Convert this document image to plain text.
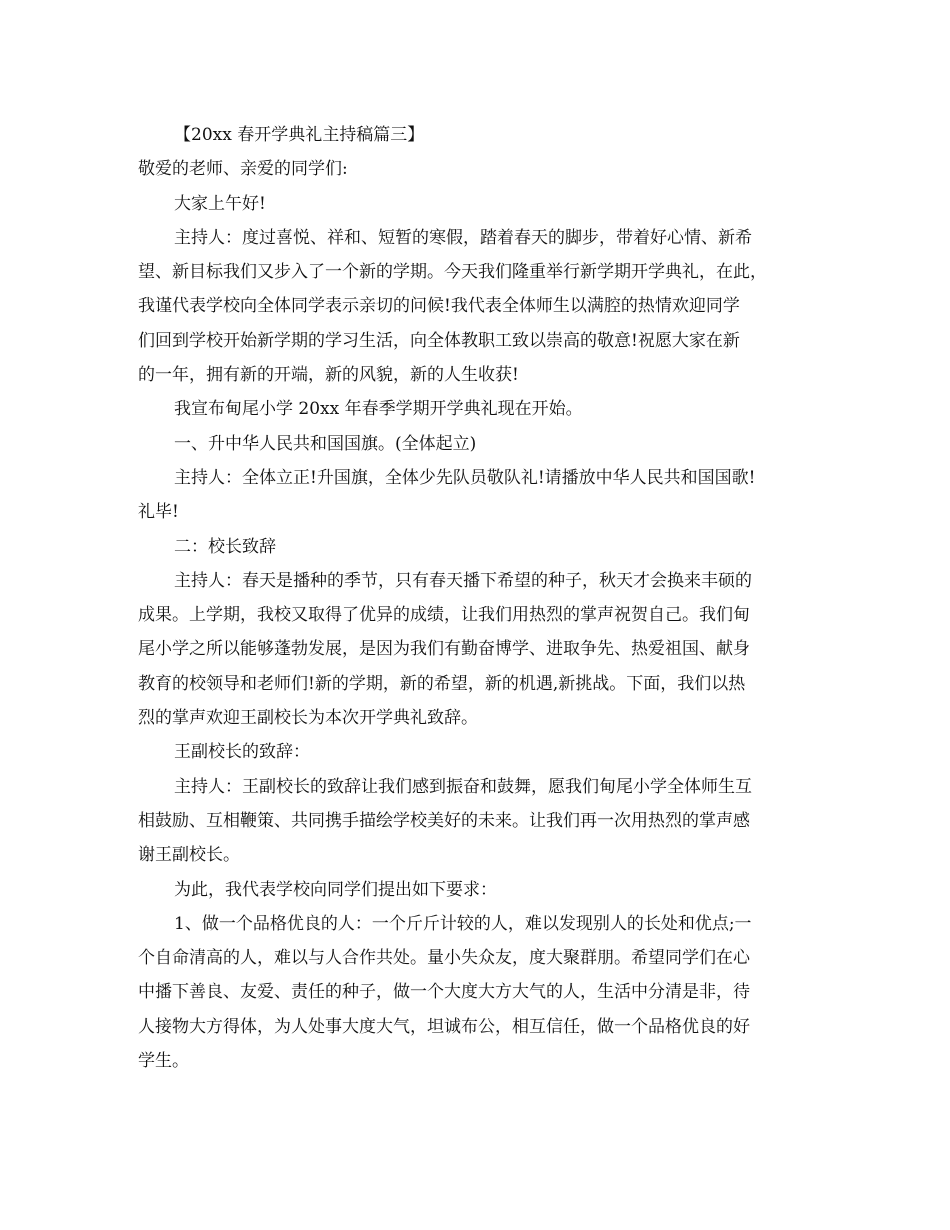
【20xx 春开学典礼主持稿篇三】

敬爱的老师、亲爱的同学们:

大家上午好!

主持人：度过喜悦、祥和、短暂的寒假，踏着春天的脚步，带着好心情、新希

望、新目标我们又步入了一个新的学期。今天我们隆重举行新学期开学典礼，在此，

我谨代表学校向全体同学表示亲切的问候!我代表全体师生以满腔的热情欢迎同学

们回到学校开始新学期的学习生活，向全体教职工致以崇高的敬意!祝愿大家在新

的一年，拥有新的开端，新的风貌，新的人生收获!

我宣布甸尾小学 20xx 年春季学期开学典礼现在开始。

一、升中华人民共和国国旗。(全体起立)

主持人：全体立正!升国旗，全体少先队员敬队礼!请播放中华人民共和国国歌!

礼毕!

二：校长致辞

主持人：春天是播种的季节，只有春天播下希望的种子，秋天才会换来丰硕的

成果。上学期，我校又取得了优异的成绩，让我们用热烈的掌声祝贺自己。我们甸

尾小学之所以能够蓬勃发展，是因为我们有勤奋博学、进取争先、热爱祖国、献身

教育的校领导和老师们!新的学期，新的希望，新的机遇,新挑战。下面，我们以热

烈的掌声欢迎王副校长为本次开学典礼致辞。

王副校长的致辞：

主持人：王副校长的致辞让我们感到振奋和鼓舞，愿我们甸尾小学全体师生互

相鼓励、互相鞭策、共同携手描绘学校美好的未来。让我们再一次用热烈的掌声感

谢王副校长。

为此，我代表学校向同学们提出如下要求：

1、做一个品格优良的人：一个斤斤计较的人，难以发现别人的长处和优点;一

个自命清高的人，难以与人合作共处。量小失众友，度大聚群朋。希望同学们在心

中播下善良、友爱、责任的种子，做一个大度大方大气的人，生活中分清是非，待

人接物大方得体，为人处事大度大气，坦诚布公，相互信任，做一个品格优良的好

学生。
